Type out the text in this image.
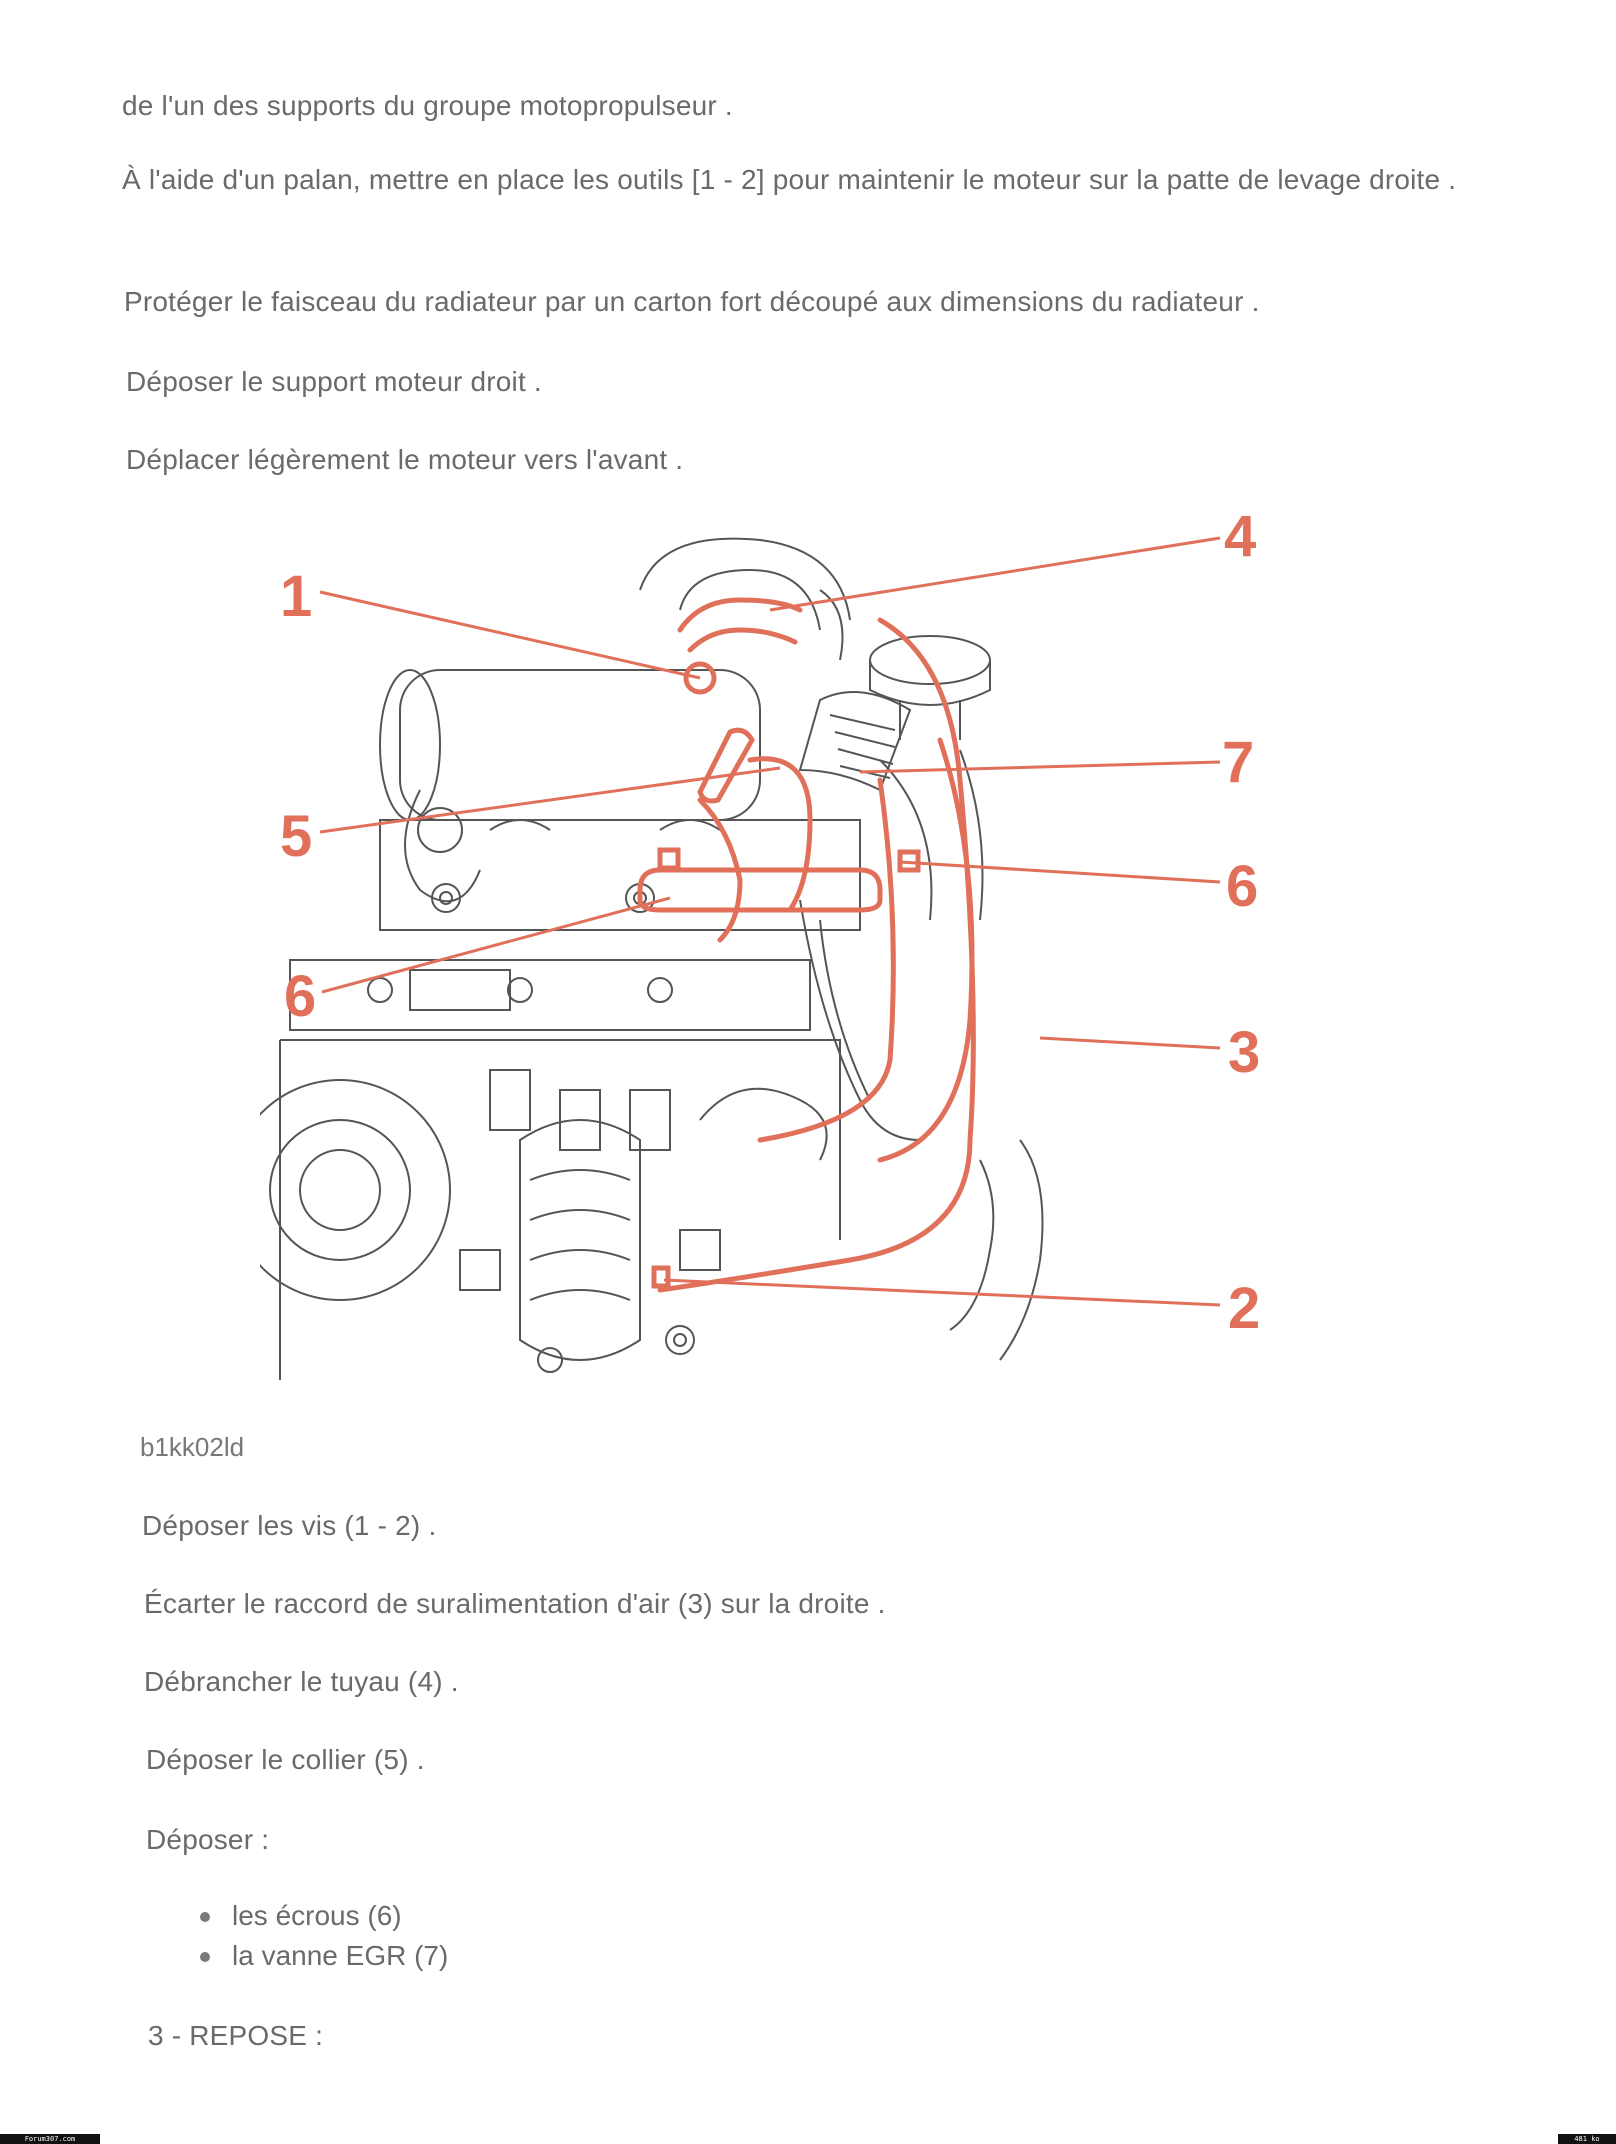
de l'un des supports du groupe motopropulseur .
À l'aide d'un palan, mettre en place les outils [1 - 2] pour maintenir le moteur sur la patte de levage droite .
Protéger le faisceau du radiateur par un carton fort découpé aux dimensions du radiateur .
Déposer le support moteur droit .
Déplacer légèrement le moteur vers l'avant .
1
2
3
4
5
6
6
7
b1kk02ld
Déposer les vis (1 - 2) .
Écarter le raccord de suralimentation d'air (3) sur la droite .
Débrancher le tuyau (4) .
Déposer le collier (5) .
Déposer :
les écrous (6)
la vanne EGR (7)
3 - REPOSE :
Forum307.com	481 ko
